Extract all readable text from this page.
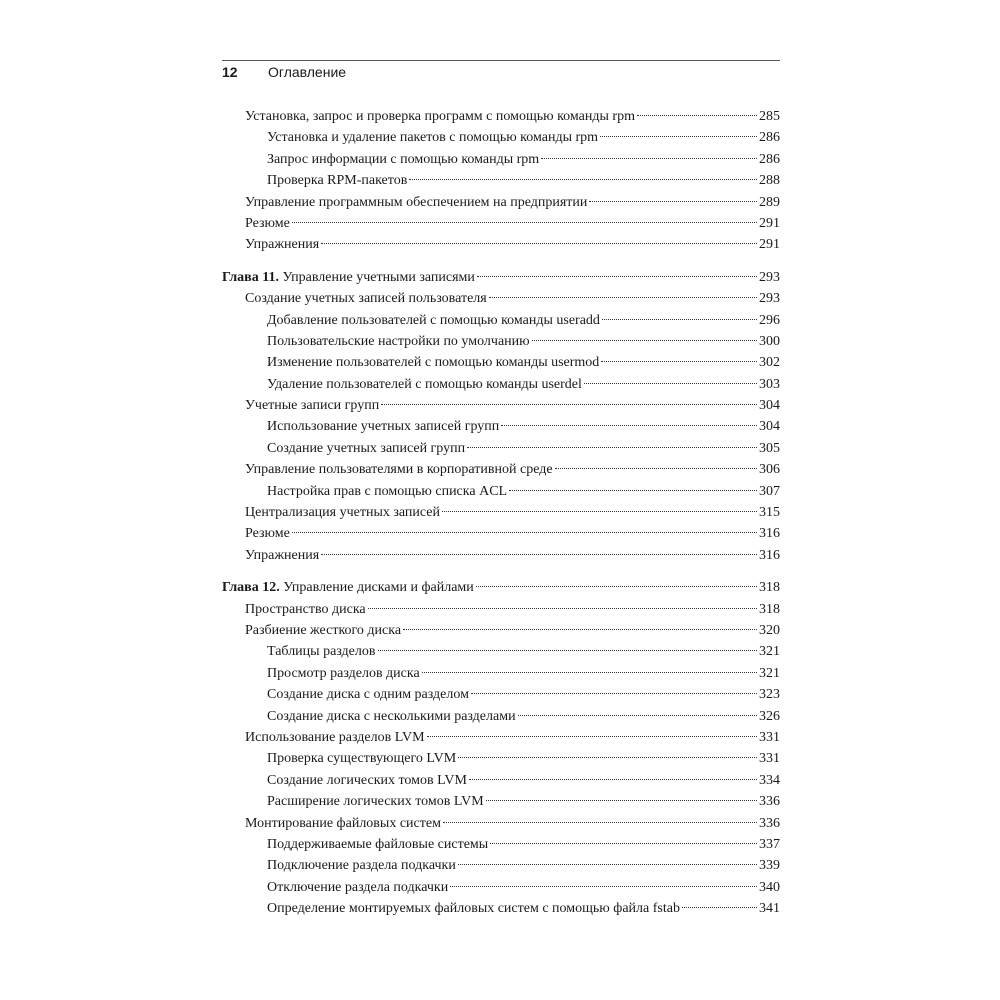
12	Оглавление
Установка, запрос и проверка программ с помощью команды rpm	285
Установка и удаление пакетов с помощью команды rpm	286
Запрос информации с помощью команды rpm	286
Проверка RPM-пакетов	288
Управление программным обеспечением на предприятии	289
Резюме	291
Упражнения	291
Глава 11. Управление учетными записями	293
Создание учетных записей пользователя	293
Добавление пользователей с помощью команды useradd	296
Пользовательские настройки по умолчанию	300
Изменение пользователей с помощью команды usermod	302
Удаление пользователей с помощью команды userdel	303
Учетные записи групп	304
Использование учетных записей групп	304
Создание учетных записей групп	305
Управление пользователями в корпоративной среде	306
Настройка прав с помощью списка ACL	307
Централизация учетных записей	315
Резюме	316
Упражнения	316
Глава 12. Управление дисками и файлами	318
Пространство диска	318
Разбиение жесткого диска	320
Таблицы разделов	321
Просмотр разделов диска	321
Создание диска с одним разделом	323
Создание диска с несколькими разделами	326
Использование разделов LVM	331
Проверка существующего LVM	331
Создание логических томов LVM	334
Расширение логических томов LVM	336
Монтирование файловых систем	336
Поддерживаемые файловые системы	337
Подключение раздела подкачки	339
Отключение раздела подкачки	340
Определение монтируемых файловых систем с помощью файла fstab	341
